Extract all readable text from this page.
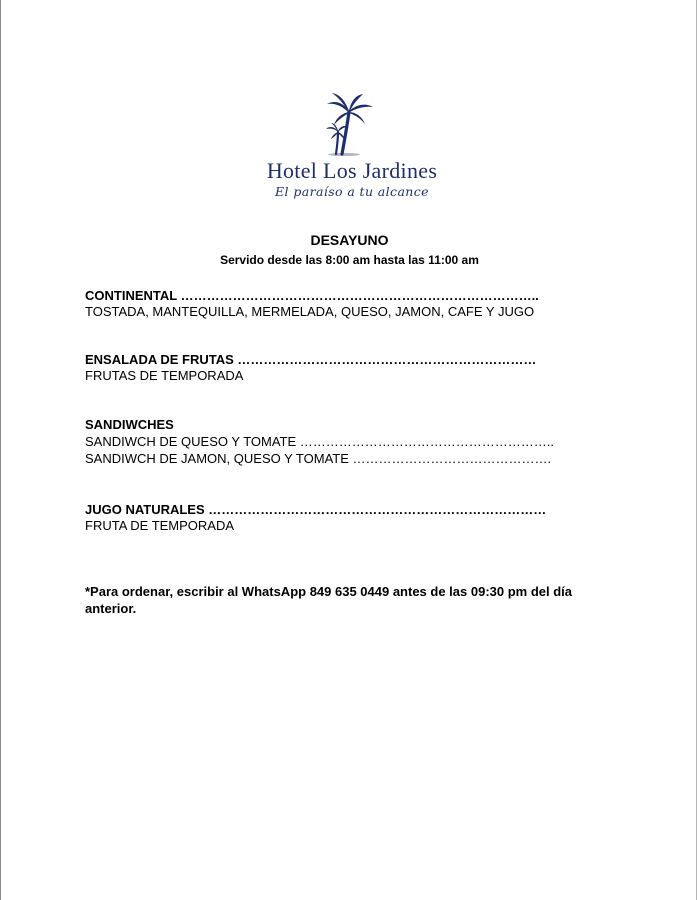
Hotel Los Jardines
El paraíso a tu alcance
DESAYUNO
Servido desde las 8:00 am hasta las 11:00 am
CONTINENTAL ………………………………………………………………………..
TOSTADA, MANTEQUILLA, MERMELADA, QUESO, JAMON, CAFE Y JUGO
ENSALADA DE FRUTAS ……………………………………………………………
FRUTAS DE TEMPORADA
SANDIWCHES
SANDIWCH DE QUESO Y TOMATE …………………………………………………..
SANDIWCH DE JAMON, QUESO Y TOMATE ……………………………………….
JUGO NATURALES ……………………………………………………………………
FRUTA DE TEMPORADA
*Para ordenar, escribir al WhatsApp 849 635 0449 antes de las 09:30 pm del día anterior.
